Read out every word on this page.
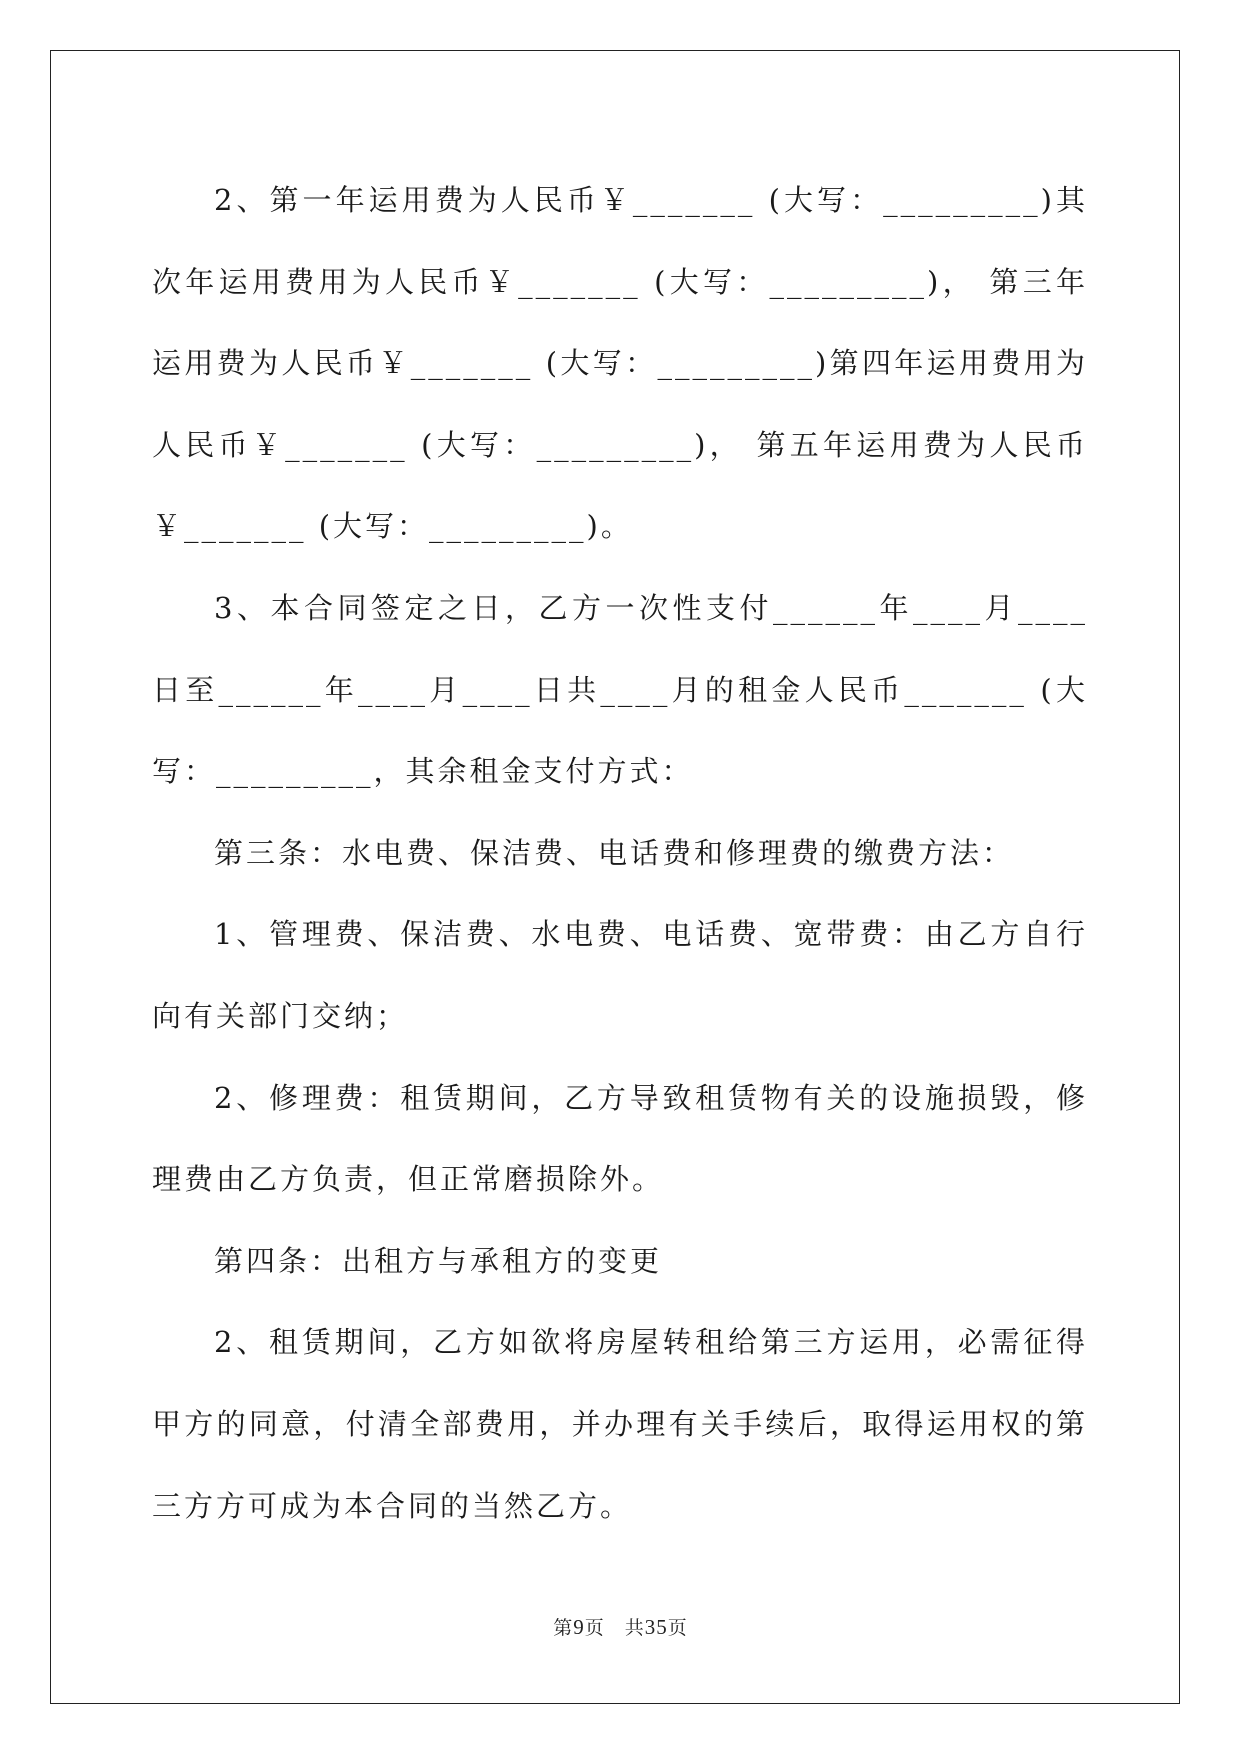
2、第一年运用费为人民币￥_______ (大写：_________)其次年运用费用为人民币￥_______ (大写：_________)， 第三年运用费为人民币￥_______ (大写：_________)第四年运用费用为人民币￥_______ (大写：_________)， 第五年运用费为人民币￥_______ (大写：_________)。

3、本合同签定之日，乙方一次性支付______年____月____日至______年____月____日共____月的租金人民币_______ (大写：_________，其余租金支付方式：

第三条：水电费、保洁费、电话费和修理费的缴费方法：

1、管理费、保洁费、水电费、电话费、宽带费：由乙方自行向有关部门交纳；

2、修理费：租赁期间，乙方导致租赁物有关的设施损毁，修理费由乙方负责，但正常磨损除外。

第四条：出租方与承租方的变更

2、租赁期间，乙方如欲将房屋转租给第三方运用，必需征得甲方的同意，付清全部费用，并办理有关手续后，取得运用权的第三方方可成为本合同的当然乙方。

第9页　共35页
